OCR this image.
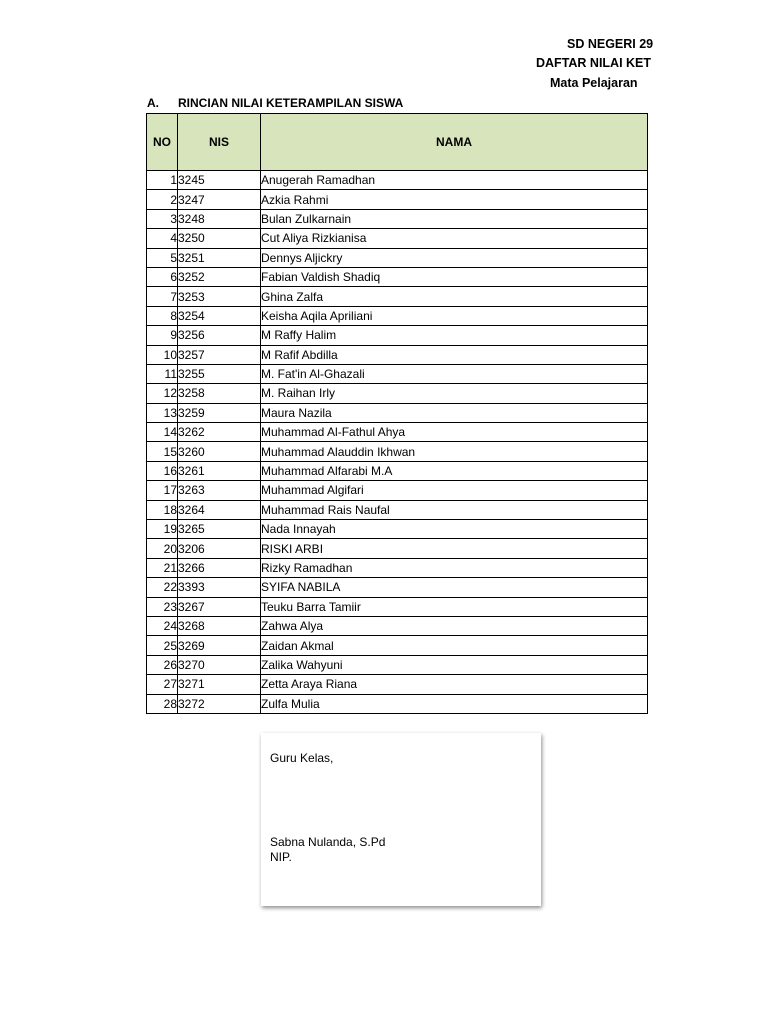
SD NEGERI 29
DAFTAR NILAI KET
Mata Pelajaran
A. RINCIAN NILAI KETERAMPILAN SISWA
NO	NIS	NAMA
1	3245	Anugerah Ramadhan
2	3247	Azkia Rahmi
3	3248	Bulan Zulkarnain
4	3250	Cut Aliya Rizkianisa
5	3251	Dennys Aljickry
6	3252	Fabian Valdish Shadiq
7	3253	Ghina Zalfa
8	3254	Keisha Aqila Apriliani
9	3256	M Raffy Halim
10	3257	M Rafif Abdilla
11	3255	M. Fat'in Al-Ghazali
12	3258	M. Raihan Irly
13	3259	Maura Nazila
14	3262	Muhammad Al-Fathul Ahya
15	3260	Muhammad Alauddin Ikhwan
16	3261	Muhammad Alfarabi M.A
17	3263	Muhammad Algifari
18	3264	Muhammad Rais Naufal
19	3265	Nada Innayah
20	3206	RISKI ARBI
21	3266	Rizky Ramadhan
22	3393	SYIFA NABILA
23	3267	Teuku Barra Tamiir
24	3268	Zahwa Alya
25	3269	Zaidan Akmal
26	3270	Zalika Wahyuni
27	3271	Zetta Araya Riana
28	3272	Zulfa Mulia
Guru Kelas,
Sabna Nulanda, S.Pd
NIP.
